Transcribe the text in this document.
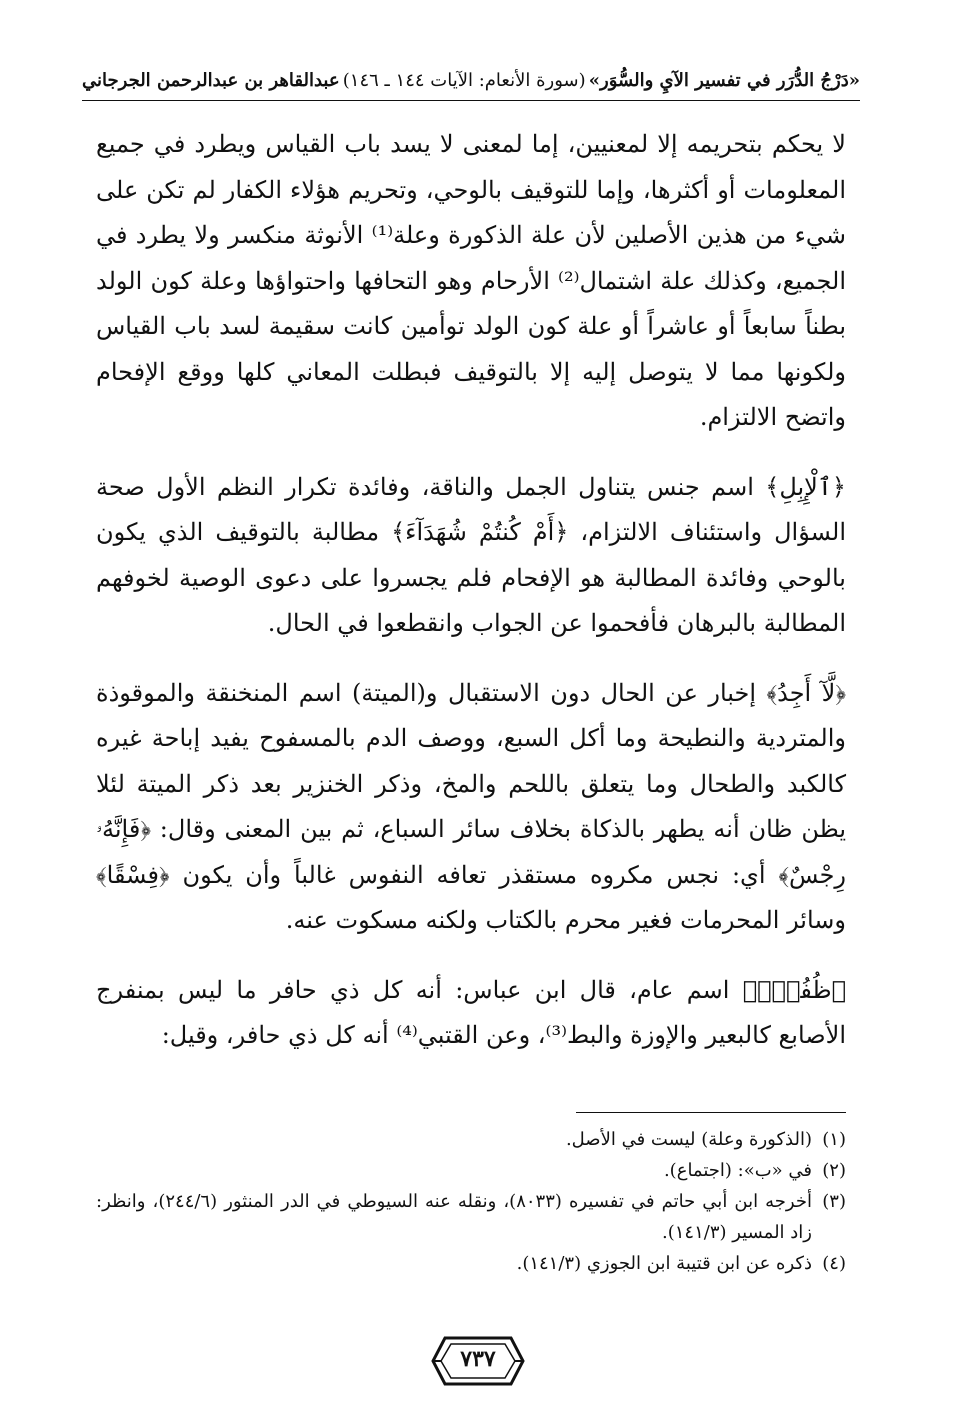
«دَرْجُ الدُّرَر في تفسير الآيِ والسُّوَر»
(سورة الأنعام: الآيات ١٤٤ ـ ١٤٦)
عبدالقاهر بن عبدالرحمن الجرجاني

لا يحكم بتحريمه إلا لمعنيين، إما لمعنى لا يسد باب القياس ويطرد في جميع المعلومات أو أكثرها، وإما للتوقيف بالوحي، وتحريم هؤلاء الكفار لم تكن على شيء من هذين الأصلين لأن علة الذكورة وعلة⁽¹⁾ الأنوثة منكسر ولا يطرد في الجميع، وكذلك علة اشتمال⁽²⁾ الأرحام وهو التحافها واحتواؤها وعلة كون الولد بطناً سابعاً أو عاشراً أو علة كون الولد توأمين كانت سقيمة لسد باب القياس ولكونها مما لا يتوصل إليه إلا بالتوقيف فبطلت المعاني كلها ووقع الإفحام واتضح الالتزام.

﴿ٱلْإِبِلِ﴾ اسم جنس يتناول الجمل والناقة، وفائدة تكرار النظم الأول صحة السؤال واستئناف الالتزام، ﴿أَمْ كُنتُمْ شُهَدَآءَ﴾ مطالبة بالتوقيف الذي يكون بالوحي وفائدة المطالبة هو الإفحام فلم يجسروا على دعوى الوصية لخوفهم المطالبة بالبرهان فأفحموا عن الجواب وانقطعوا في الحال.

﴿لَّآ أَجِدُ﴾ إخبار عن الحال دون الاستقبال و(الميتة) اسم المنخنقة والموقوذة والمتردية والنطيحة وما أكل السبع، ووصف الدم بالمسفوح يفيد إباحة غيره كالكبد والطحال وما يتعلق باللحم والمخ، وذكر الخنزير بعد ذكر الميتة لئلا يظن ظان أنه يطهر بالذكاة بخلاف سائر السباع، ثم بين المعنى وقال: ﴿فَإِنَّهُۥ رِجْسٌ﴾ أي: نجس مكروه مستقذر تعافه النفوس غالباً وأن يكون ﴿فِسْقًا﴾ وسائر المحرمات فغير محرم بالكتاب ولكنه مسكوت عنه.

﴿ظُفُرٍۖ﴾ اسم عام، قال ابن عباس: أنه كل ذي حافر ما ليس بمنفرج الأصابع كالبعير والإوزة والبط⁽³⁾، وعن القتبي⁽⁴⁾ أنه كل ذي حافر، وقيل:

(١)
(الذكورة وعلة) ليست في الأصل.
(٢)
في «ب»: (اجتماع).
(٣)
أخرجه ابن أبي حاتم في تفسيره (٨٠٣٣)، ونقله عنه السيوطي في الدر المنثور (٢٤٤/٦)، وانظر: زاد المسير (١٤١/٣).
(٤)
ذكره عن ابن قتيبة ابن الجوزي (١٤١/٣).
٧٣٧
